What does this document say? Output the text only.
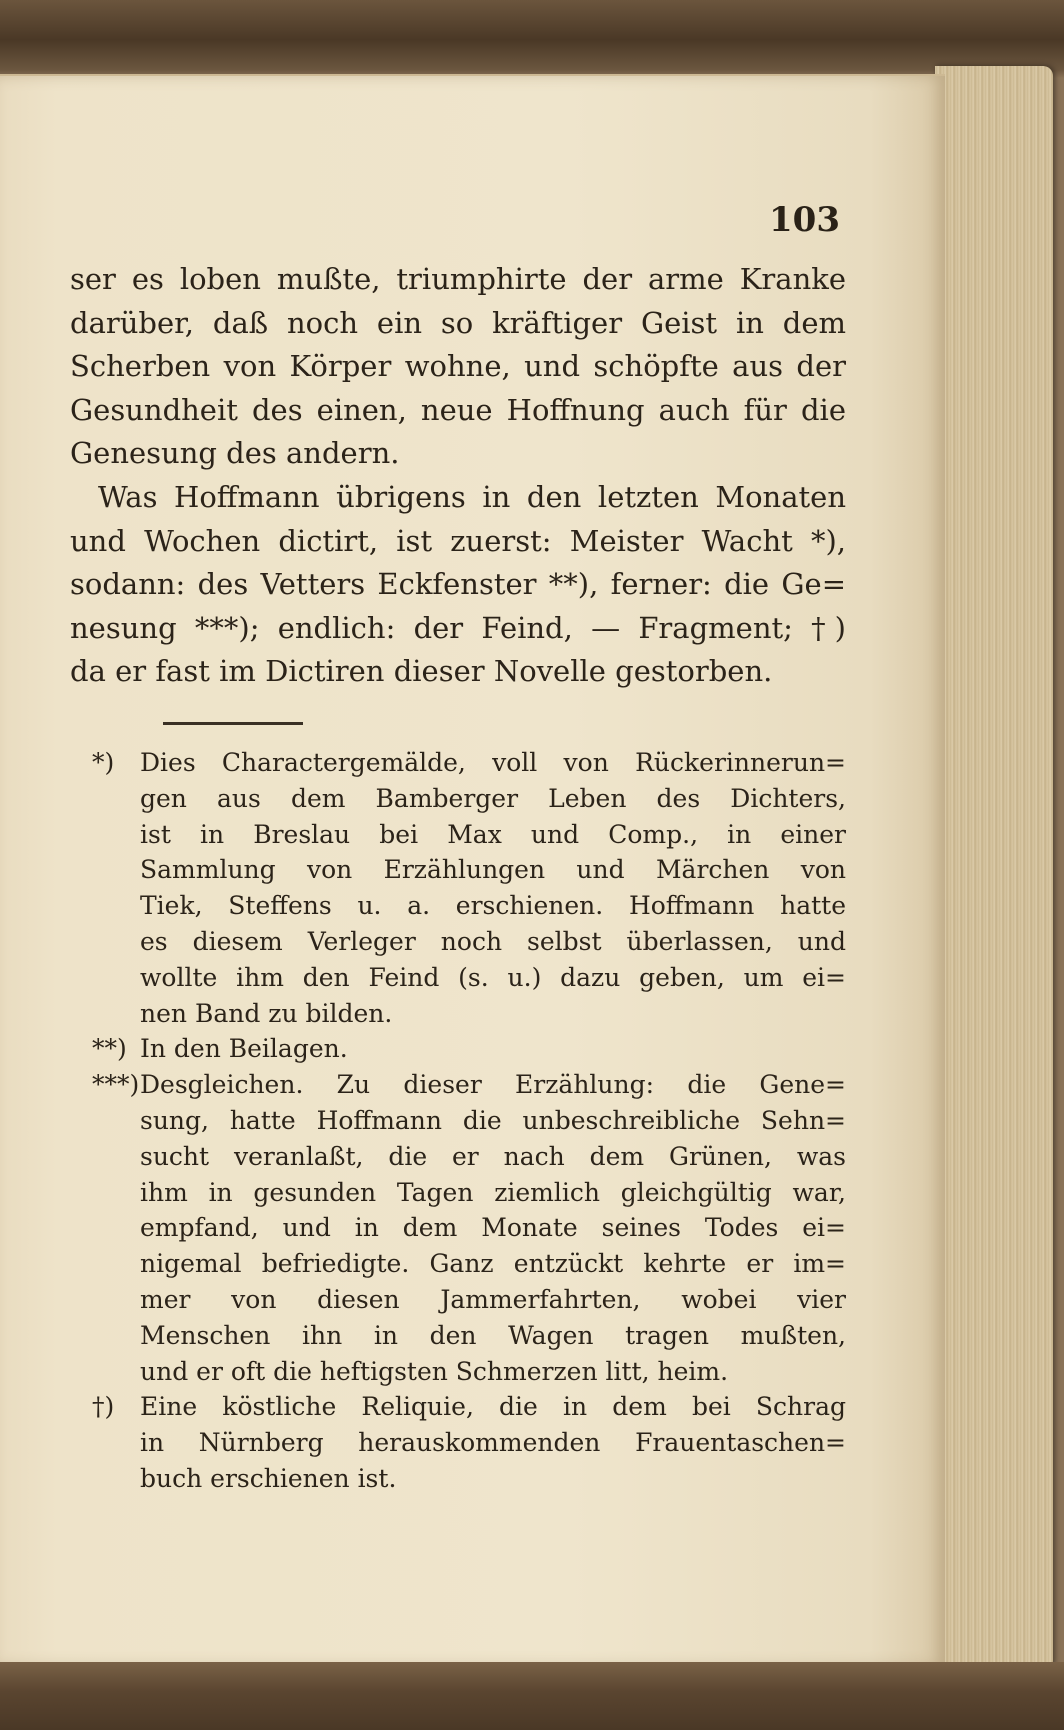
103
ser es loben mußte, triumphirte der arme Kranke
darüber, daß noch ein so kräftiger Geist in dem
Scherben von Körper wohne, und schöpfte aus der
Gesundheit des einen, neue Hoffnung auch für die
Genesung des andern.
Was Hoffmann übrigens in den letzten Monaten
und Wochen dictirt, ist zuerst: Meister Wacht *),
sodann: des Vetters Eckfenster **), ferner: die Ge=
nesung ***); endlich: der Feind, — Fragment; †)
da er fast im Dictiren dieser Novelle gestorben.
*)	Dies Charactergemälde, voll von Rückerinnerun=
gen aus dem Bamberger Leben des Dichters,
ist in Breslau bei Max und Comp., in einer
Sammlung von Erzählungen und Märchen von
Tiek, Steffens u. a. erschienen. Hoffmann hatte
es diesem Verleger noch selbst überlassen, und
wollte ihm den Feind (s. u.) dazu geben, um ei=
nen Band zu bilden.
**) In den Beilagen.
***) Desgleichen. Zu dieser Erzählung: die Gene=
sung, hatte Hoffmann die unbeschreibliche Sehn=
sucht veranlaßt, die er nach dem Grünen, was
ihm in gesunden Tagen ziemlich gleichgültig war,
empfand, und in dem Monate seines Todes ei=
nigemal befriedigte. Ganz entzückt kehrte er im=
mer von diesen Jammerfahrten, wobei vier
Menschen ihn in den Wagen tragen mußten,
und er oft die heftigsten Schmerzen litt, heim.
†)	Eine köstliche Reliquie, die in dem bei Schrag
in Nürnberg herauskommenden Frauentaschen=
buch erschienen ist.
